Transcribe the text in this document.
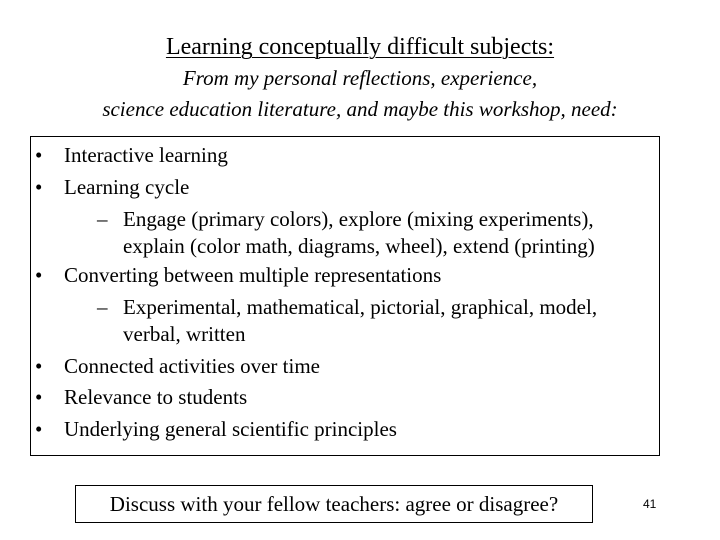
Learning conceptually difficult subjects:
From my personal reflections, experience,
science education literature, and maybe this workshop, need:
• Interactive learning
• Learning cycle
– Engage (primary colors), explore (mixing experiments),
explain (color math, diagrams, wheel), extend (printing)
• Converting between multiple representations
– Experimental, mathematical, pictorial, graphical, model,
verbal, written
• Connected activities over time
• Relevance to students
• Underlying general scientific principles
Discuss with your fellow teachers: agree or disagree?	41
